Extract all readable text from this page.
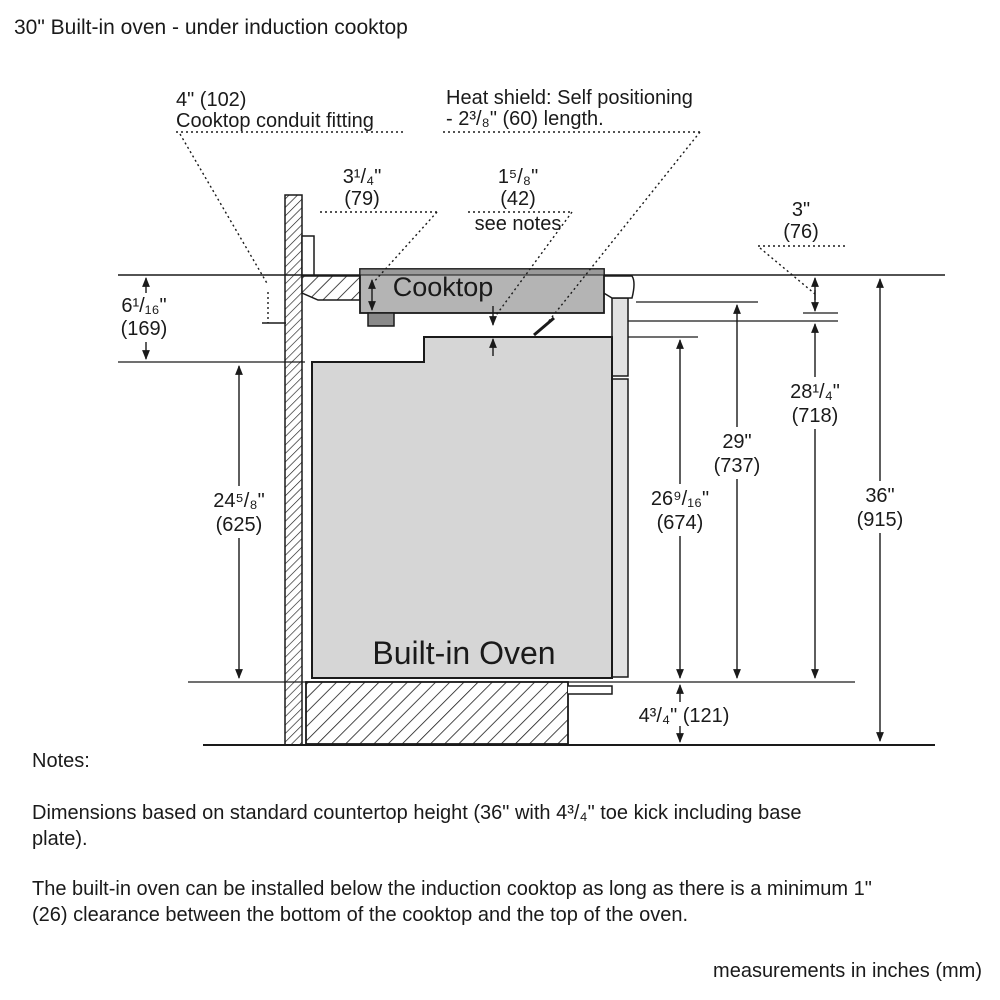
30" Built-in oven - under induction cooktop
Built-in Oven
Cooktop
4" (102)
Cooktop conduit fitting
Heat shield: Self positioning
- 2³/₈" (60) length.
3¹/₄"
(79)
1⁵/₈"
(42)
see notes
3"
(76)
6¹/₁₆"
(169)
24⁵/₈"
(625)
26⁹/₁₆"
(674)
29"
(737)
28¹/₄"
(718)
36"
(915)
4³/₄" (121)
Notes:
Dimensions based on standard countertop height (36" with 4³/₄" toe kick including base plate).
The built-in oven can be installed below the induction cooktop as long as there is a minimum 1" (26) clearance between the bottom of the cooktop and the top of the oven.
measurements in inches (mm)
